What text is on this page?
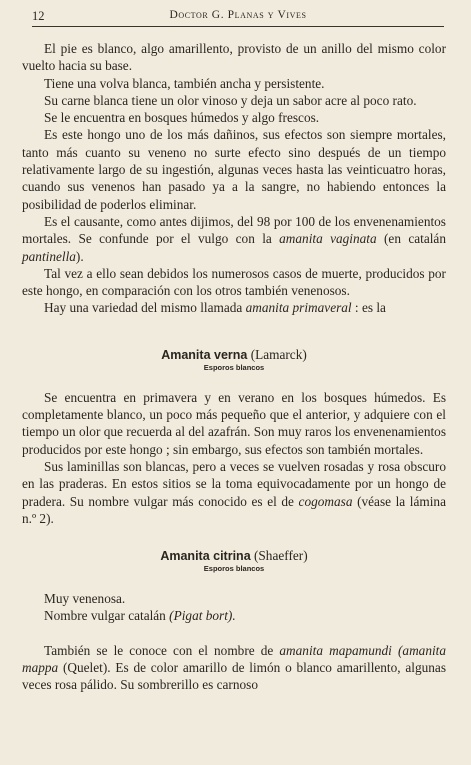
12	Doctor G. Planas y Vives

El pie es blanco, algo amarillento, provisto de un anillo del mismo color vuelto hacia su base.

Tiene una volva blanca, también ancha y persistente.

Su carne blanca tiene un olor vinoso y deja un sabor acre al poco rato.

Se le encuentra en bosques húmedos y algo frescos.

Es este hongo uno de los más dañinos, sus efectos son siempre mortales, tanto más cuanto su veneno no surte efecto sino después de un tiempo relativamente largo de su ingestión, algunas veces hasta las veinticuatro horas, cuando sus venenos han pasado ya a la sangre, no habiendo entonces la posibilidad de poderlos eliminar.

Es el causante, como antes dijimos, del 98 por 100 de los envenenamientos mortales. Se confunde por el vulgo con la amanita vaginata (en catalán pantinella).

Tal vez a ello sean debidos los numerosos casos de muerte, producidos por este hongo, en comparación con los otros también venenosos.

Hay una variedad del mismo llamada amanita primaveral : es la

Amanita verna (Lamarck)
Esporos blancos

Se encuentra en primavera y en verano en los bosques húmedos. Es completamente blanco, un poco más pequeño que el anterior, y adquiere con el tiempo un olor que recuerda al del azafrán. Son muy raros los envenenamientos producidos por este hongo ; sin embargo, sus efectos son también mortales.

Sus laminillas son blancas, pero a veces se vuelven rosadas y rosa obscuro en las praderas. En estos sitios se la toma equivocadamente por un hongo de pradera. Su nombre vulgar más conocido es el de cogomasa (véase la lámina n.º 2).

Amanita citrina (Shaeffer)
Esporos blancos

Muy venenosa.

Nombre vulgar catalán (Pigat bort).

También se le conoce con el nombre de amanita mapamundi (amanita mappa (Quelet). Es de color amarillo de limón o blanco amarillento, algunas veces rosa pálido. Su sombrerillo es carnoso
